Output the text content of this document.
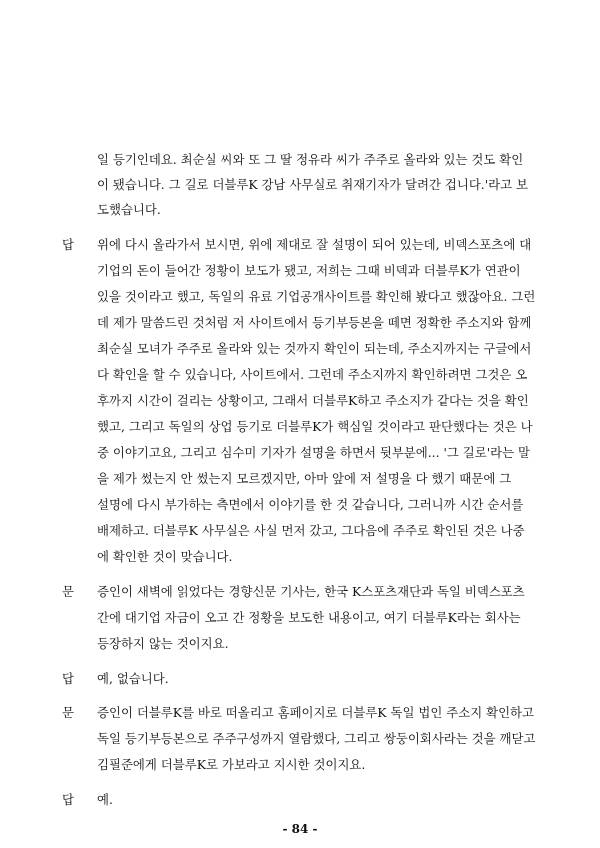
일 등기인데요. 최순실 씨와 또 그 딸 정유라 씨가 주주로 올라와 있는 것도 확인
이 됐습니다. 그 길로 더블루K 강남 사무실로 취재기자가 달려간 겁니다.'라고 보
도했습니다.
답 위에 다시 올라가서 보시면, 위에 제대로 잘 설명이 되어 있는데, 비덱스포츠에 대
기업의 돈이 들어간 정황이 보도가 됐고, 저희는 그때 비덱과 더블루K가 연관이
있을 것이라고 했고, 독일의 유료 기업공개사이트를 확인해 봤다고 했잖아요. 그런
데 제가 말씀드린 것처럼 저 사이트에서 등기부등본을 떼면 정확한 주소지와 함께
최순실 모녀가 주주로 올라와 있는 것까지 확인이 되는데, 주소지까지는 구글에서
다 확인을 할 수 있습니다, 사이트에서. 그런데 주소지까지 확인하려면 그것은 오
후까지 시간이 걸리는 상황이고, 그래서 더블루K하고 주소지가 같다는 것을 확인
했고, 그리고 독일의 상업 등기로 더블루K가 핵심일 것이라고 판단했다는 것은 나
중 이야기고요, 그리고 심수미 기자가 설명을 하면서 뒷부분에... '그 길로'라는 말
을 제가 썼는지 안 썼는지 모르겠지만, 아마 앞에 저 설명을 다 했기 때문에 그
설명에 다시 부가하는 측면에서 이야기를 한 것 같습니다, 그러니까 시간 순서를
배제하고. 더블루K 사무실은 사실 먼저 갔고, 그다음에 주주로 확인된 것은 나중
에 확인한 것이 맞습니다.
문 증인이 새벽에 읽었다는 경향신문 기사는, 한국 K스포츠재단과 독일 비덱스포츠
간에 대기업 자금이 오고 간 정황을 보도한 내용이고, 여기 더블루K라는 회사는
등장하지 않는 것이지요.
답 예, 없습니다.
문 증인이 더블루K를 바로 떠올리고 홈페이지로 더블루K 독일 법인 주소지 확인하고
독일 등기부등본으로 주주구성까지 열람했다, 그리고 쌍둥이회사라는 것을 깨닫고
김필준에게 더블루K로 가보라고 지시한 것이지요.
답 예.
- 84 -
